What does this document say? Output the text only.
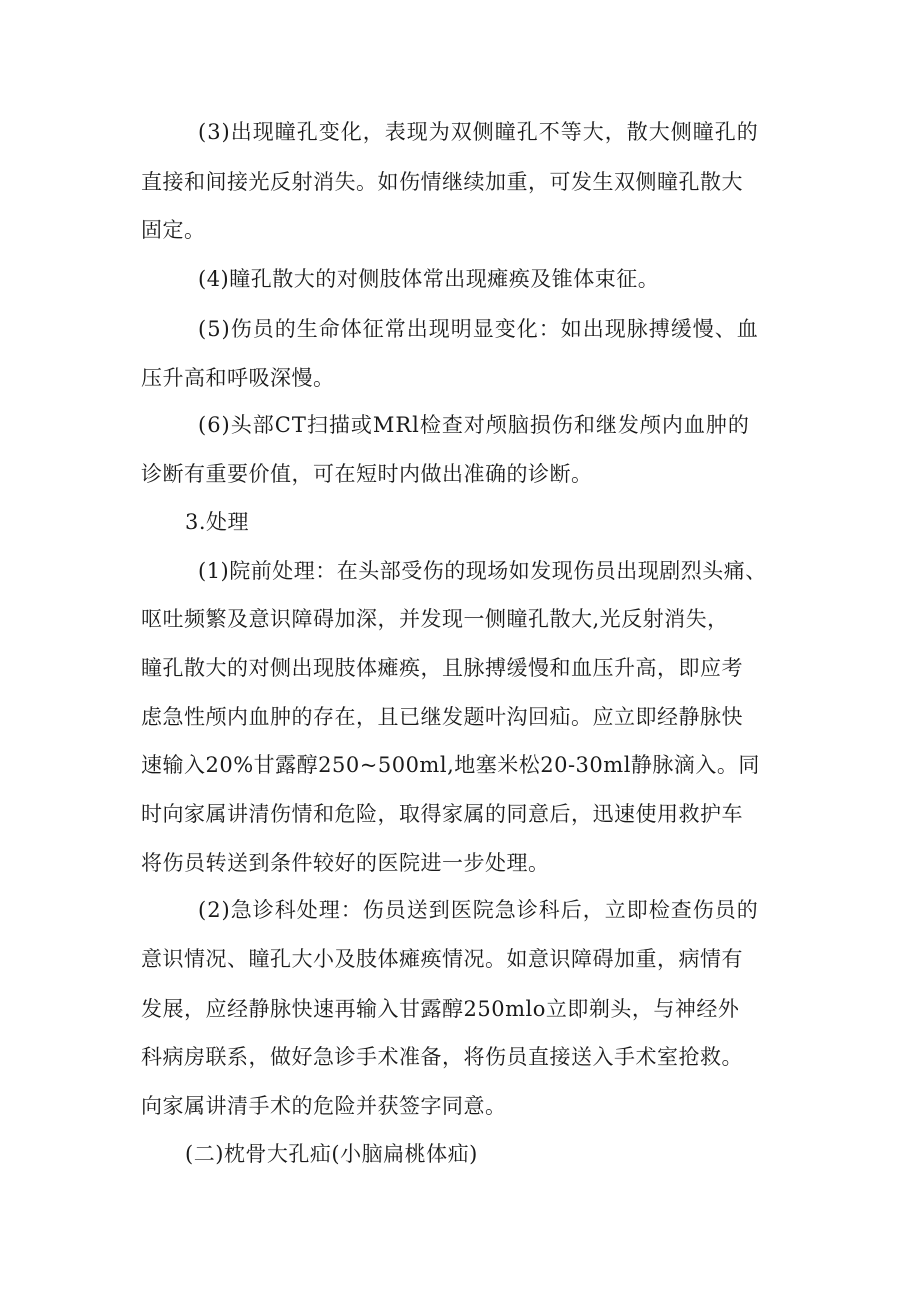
(3)出现瞳孔变化，表现为双侧瞳孔不等大，散大侧瞳孔的
直接和间接光反射消失。如伤情继续加重，可发生双侧瞳孔散大
固定。
(4)瞳孔散大的对侧肢体常出现瘫痪及锥体束征。
(5)伤员的生命体征常出现明显变化：如出现脉搏缓慢、血
压升高和呼吸深慢。
(6)头部CT扫描或MRl检查对颅脑损伤和继发颅内血肿的
诊断有重要价值，可在短时内做出准确的诊断。
3.处理
(1)院前处理：在头部受伤的现场如发现伤员出现剧烈头痛、
呕吐频繁及意识障碍加深，并发现一侧瞳孔散大,光反射消失，
瞳孔散大的对侧出现肢体瘫痪，且脉搏缓慢和血压升高，即应考
虑急性颅内血肿的存在，且已继发题叶沟回疝。应立即经静脉快
速输入20%甘露醇250~500ml,地塞米松20-30ml静脉滴入。同
时向家属讲清伤情和危险，取得家属的同意后，迅速使用救护车
将伤员转送到条件较好的医院进一步处理。
(2)急诊科处理：伤员送到医院急诊科后，立即检查伤员的
意识情况、瞳孔大小及肢体瘫痪情况。如意识障碍加重，病情有
发展，应经静脉快速再输入甘露醇250mlo立即剃头，与神经外
科病房联系，做好急诊手术准备，将伤员直接送入手术室抢救。
向家属讲清手术的危险并获签字同意。
(二)枕骨大孔疝(小脑扁桃体疝)
